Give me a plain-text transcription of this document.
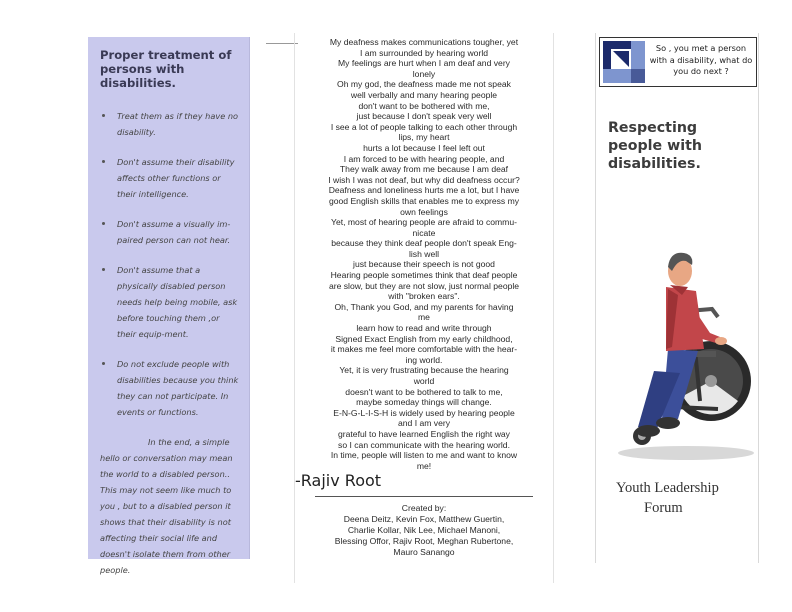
Proper treatment of persons with disabilities.
Treat them as if they have no disability.
Don't assume their disability affects other functions or their intelligence.
Don't assume a visually im-paired person can not hear.
Don't assume that a physically disabled person needs help being mobile, ask before touching them ,or their equip-ment.
Do not exclude people with disabilities because you think they can not participate. In events or functions.

In the end, a simple hello or conversation may mean the world to a disabled person.. This may not seem like much to you , but to a disabled person it shows that their disability is not affecting their social life and doesn't isolate them from other people.

My deafness makes communications tougher, yet
I am surrounded by hearing world
My feelings are hurt when I am deaf and very
lonely
Oh my god, the deafness made me not speak
well verbally and many hearing people
don't want to be bothered with me,
just because I don't speak very well
I see a lot of people talking to each other through
lips, my heart
hurts a lot because I feel left out
I am forced to be with hearing people, and
They walk away from me because I am deaf
I wish I was not deaf, but why did deafness occur?
Deafness and loneliness hurts me a lot, but I have
good English skills that enables me to express my
own feelings
Yet, most of hearing people are afraid to commu-
nicate
because they think deaf people don't speak Eng-
lish well
just because their speech is not good
Hearing people sometimes think that deaf people
are slow, but they are not slow, just normal people
with "broken ears".
Oh, Thank you God, and my parents for having
me
learn how to read and write through
Signed Exact English from my early childhood,
it makes me feel more comfortable with the hear-
ing world.
Yet, it is very frustrating because the hearing
world
doesn't want to be bothered to talk to me,
maybe someday things will change.
E-N-G-L-I-S-H is widely used by hearing people
and I am very
grateful to have learned English the right way
so I can communicate with the hearing world.
In time, people will listen to me and want to know
me!
-Rajiv Root
Created by:
Deena Deitz, Kevin Fox, Matthew Guertin,
Charlie Kollar, Nik Lee, Michael Manoni,
Blessing Offor, Rajiv Root, Meghan Rubertone,
Mauro Sanango
So , you met a person with a disability, what do you do next ?
Respecting people with disabilities.
Youth Leadership
Forum
